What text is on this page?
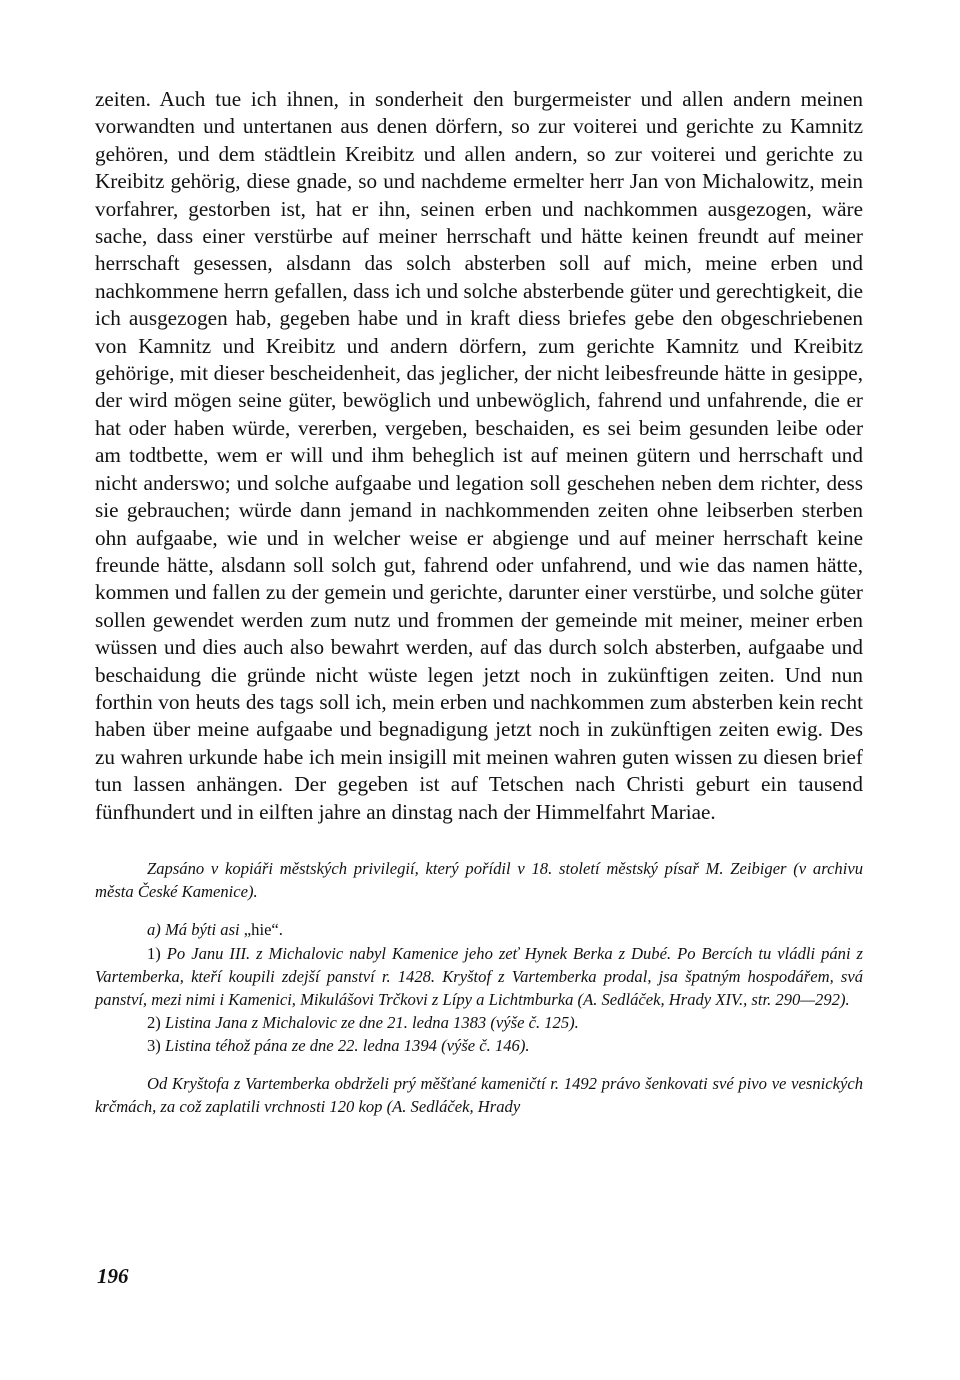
zeiten. Auch tue ich ihnen, in sonderheit den burgermeister und allen andern meinen vorwandten und untertanen aus denen dörfern, so zur voiterei und gerichte zu Kamnitz gehören, und dem städtlein Kreibitz und allen andern, so zur voiterei und gerichte zu Kreibitz gehörig, diese gnade, so und nachdeme ermelter herr Jan von Michalowitz, mein vorfahrer, gestorben ist, hat er ihn, seinen erben und nachkommen ausgezogen, wäre sache, dass einer verstürbe auf meiner herrschaft und hätte keinen freundt auf meiner herrschaft gesessen, alsdann das solch absterben soll auf mich, meine erben und nachkommene herrn gefallen, dass ich und solche absterbende güter und gerechtigkeit, die ich ausgezogen hab, gegeben habe und in kraft diess briefes gebe den obgeschriebenen von Kamnitz und Kreibitz und andern dörfern, zum gerichte Kamnitz und Kreibitz gehörige, mit dieser bescheidenheit, das jeglicher, der nicht leibesfreunde hätte in gesippe, der wird mögen seine güter, bewöglich und unbewöglich, fahrend und unfahrende, die er hat oder haben würde, vererben, vergeben, beschaiden, es sei beim gesunden leibe oder am todtbette, wem er will und ihm beheglich ist auf meinen gütern und herrschaft und nicht anderswo; und solche aufgaabe und legation soll geschehen neben dem richter, dess sie gebrauchen; würde dann jemand in nachkommenden zeiten ohne leibserben sterben ohn aufgaabe, wie und in welcher weise er abgienge und auf meiner herrschaft keine freunde hätte, alsdann soll solch gut, fahrend oder unfahrend, und wie das namen hätte, kommen und fallen zu der gemein und gerichte, darunter einer verstürbe, und solche güter sollen gewendet werden zum nutz und frommen der gemeinde mit meiner, meiner erben wüssen und dies auch also bewahrt werden, auf das durch solch absterben, aufgaabe und beschaidung die gründe nicht wüste legen jetzt noch in zukünftigen zeiten. Und nun forthin von heuts des tags soll ich, mein erben und nachkommen zum absterben kein recht haben über meine aufgaabe und begnadigung jetzt noch in zukünftigen zeiten ewig. Des zu wahren urkunde habe ich mein insigill mit meinen wahren guten wissen zu diesen brief tun lassen anhängen. Der gegeben ist auf Tetschen nach Christi geburt ein tausend fünfhundert und in eilften jahre an dinstag nach der Himmelfahrt Mariae.

Zapsáno v kopiáři městských privilegií, který pořídil v 18. století městský písař M. Zeibiger (v archivu města České Kamenice).

a) Má býti asi „hie“.

1) Po Janu III. z Michalovic nabyl Kamenice jeho zeť Hynek Berka z Dubé. Po Bercích tu vládli páni z Vartemberka, kteří koupili zdejší panství r. 1428. Kryštof z Vartemberka prodal, jsa špatným hospodářem, svá panství, mezi nimi i Kamenici, Mikulášovi Trčkovi z Lípy a Lichtmburka (A. Sedláček, Hrady XIV., str. 290—292).

2) Listina Jana z Michalovic ze dne 21. ledna 1383 (výše č. 125).

3) Listina téhož pána ze dne 22. ledna 1394 (výše č. 146).

Od Kryštofa z Vartemberka obdrželi prý měšťané kameničtí r. 1492 právo šenkovati své pivo ve vesnických krčmách, za což zaplatili vrchnosti 120 kop (A. Sedláček, Hrady

196
